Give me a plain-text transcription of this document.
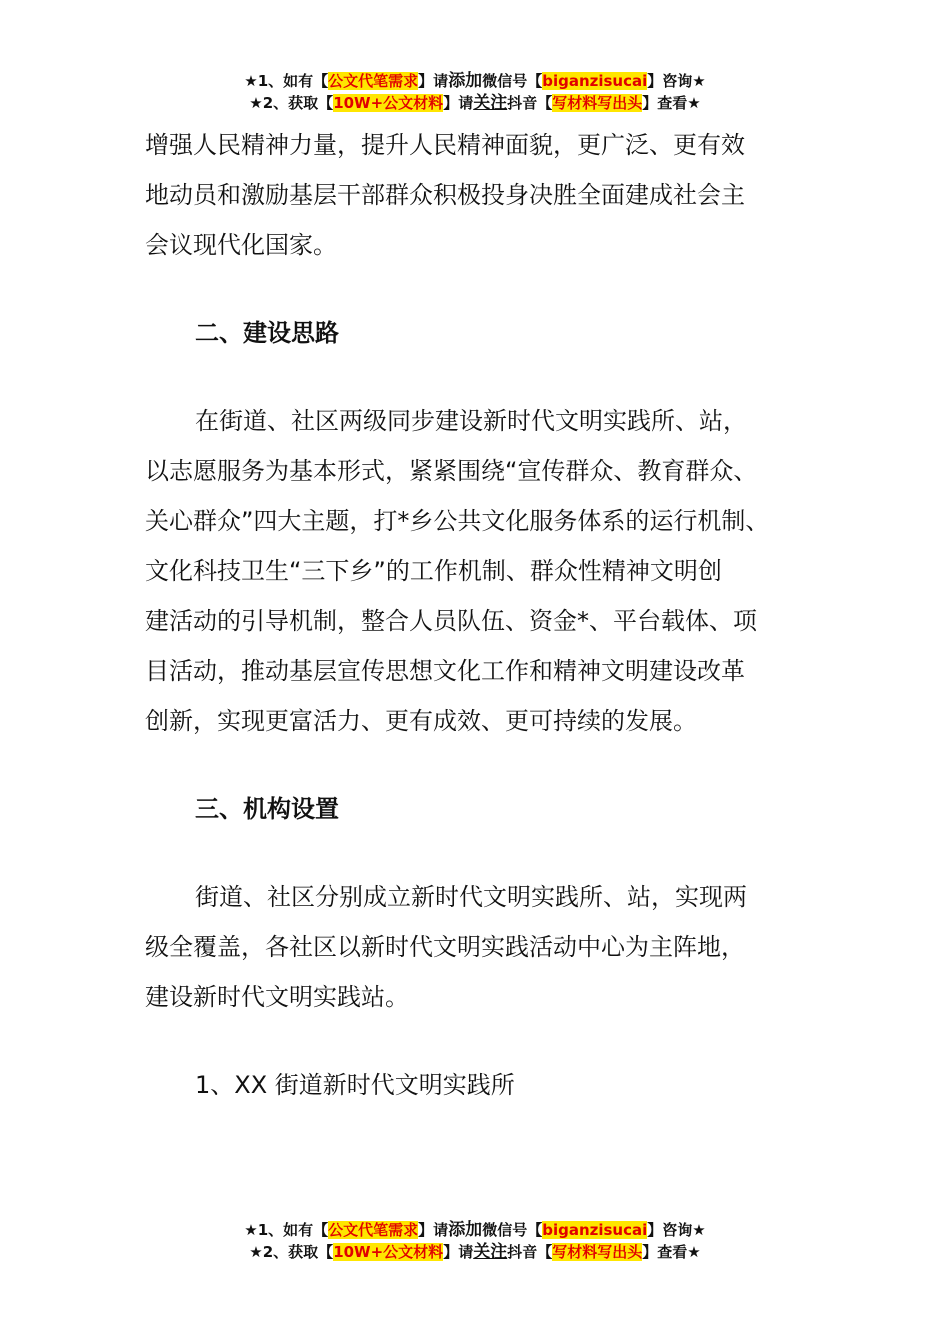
★1、如有【公文代笔需求】请添加微信号【biganzisucai】咨询★
★2、获取【10W+公文材料】请关注抖音【写材料写出头】查看★

增强人民精神力量，提升人民精神面貌，更广泛、更有效
地动员和激励基层干部群众积极投身决胜全面建成社会主
会议现代化国家。

二、建设思路

在街道、社区两级同步建设新时代文明实践所、站，
以志愿服务为基本形式，紧紧围绕“宣传群众、教育群众、
关心群众”四大主题，打*乡公共文化服务体系的运行机制、
文化科技卫生“三下乡”的工作机制、群众性精神文明创
建活动的引导机制，整合人员队伍、资金*、平台载体、项
目活动，推动基层宣传思想文化工作和精神文明建设改革
创新，实现更富活力、更有成效、更可持续的发展。

三、机构设置

街道、社区分别成立新时代文明实践所、站，实现两
级全覆盖，各社区以新时代文明实践活动中心为主阵地，
建设新时代文明实践站。

1、XX 街道新时代文明实践所

★1、如有【公文代笔需求】请添加微信号【biganzisucai】咨询★
★2、获取【10W+公文材料】请关注抖音【写材料写出头】查看★
